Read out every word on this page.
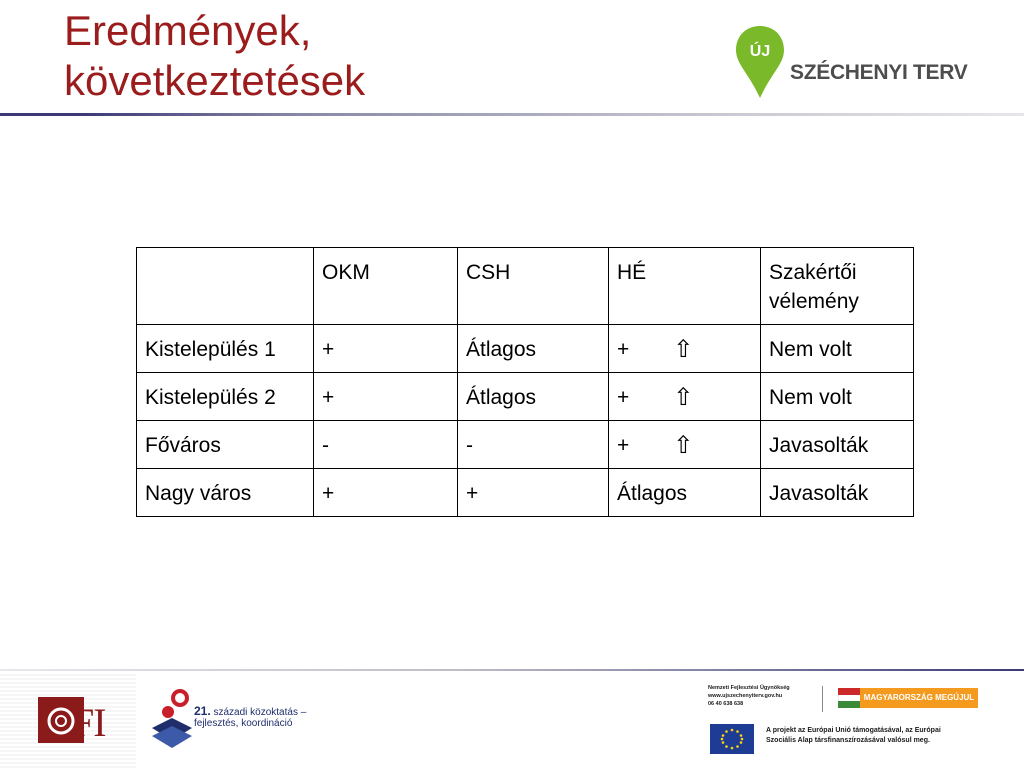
Eredmények,
következtetések
ÚJ
SZÉCHENYI TERV
	OKM	CSH	HÉ	Szakértői vélemény
Kistelepülés 1	+	Átlagos	+ ⇧	Nem volt
Kistelepülés 2	+	Átlagos	+ ⇧	Nem volt
Főváros	-	-	+ ⇧	Javasolták
Nagy város	+	+	Átlagos	Javasolták
FI	21. századi közoktatás –
fejlesztés, koordináció
Nemzeti Fejlesztési Ügynökség
www.ujszechenyiterv.gov.hu
06 40 638 638
MAGYARORSZÁG MEGÚJUL
A projekt az Európai Unió támogatásával, az Európai
Szociális Alap társfinanszírozásával valósul meg.
